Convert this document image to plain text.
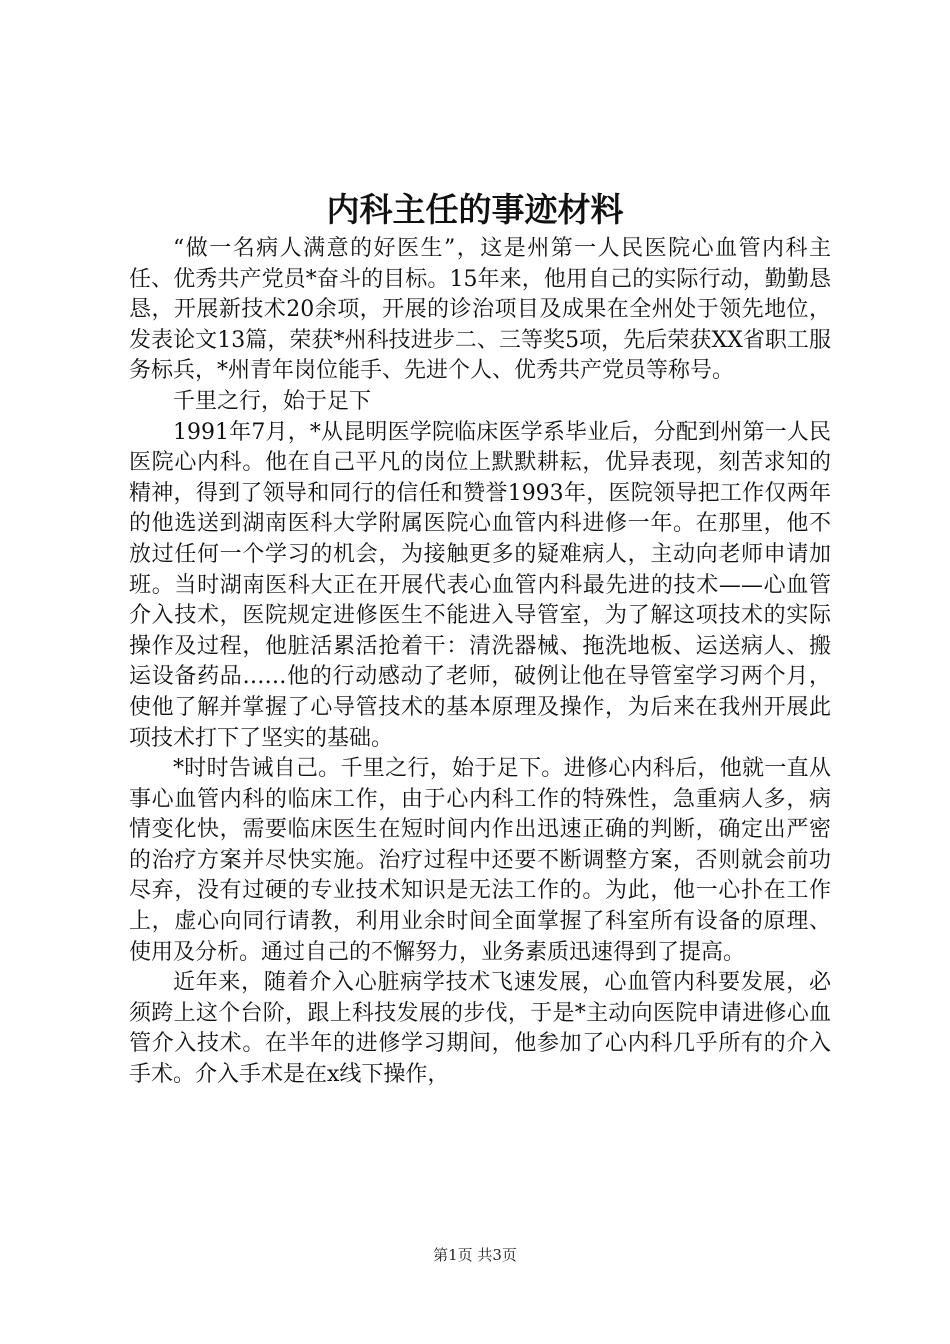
内科主任的事迹材料

“做一名病人满意的好医生”，这是州第一人民医院心血管内科主任、优秀共产党员*奋斗的目标。15年来，他用自己的实际行动，勤勤恳恳，开展新技术20余项，开展的诊治项目及成果在全州处于领先地位，发表论文13篇，荣获*州科技进步二、三等奖5项，先后荣获XX省职工服务标兵，*州青年岗位能手、先进个人、优秀共产党员等称号。

千里之行，始于足下

1991年7月，*从昆明医学院临床医学系毕业后，分配到州第一人民医院心内科。他在自己平凡的岗位上默默耕耘，优异表现，刻苦求知的精神，得到了领导和同行的信任和赞誉1993年，医院领导把工作仅两年的他选送到湖南医科大学附属医院心血管内科进修一年。在那里，他不放过任何一个学习的机会，为接触更多的疑难病人，主动向老师申请加班。当时湖南医科大正在开展代表心血管内科最先进的技术——心血管介入技术，医院规定进修医生不能进入导管室，为了解这项技术的实际操作及过程，他脏活累活抢着干：清洗器械、拖洗地板、运送病人、搬运设备药品……他的行动感动了老师，破例让他在导管室学习两个月，使他了解并掌握了心导管技术的基本原理及操作，为后来在我州开展此项技术打下了坚实的基础。

*时时告诫自己。千里之行，始于足下。进修心内科后，他就一直从事心血管内科的临床工作，由于心内科工作的特殊性，急重病人多，病情变化快，需要临床医生在短时间内作出迅速正确的判断，确定出严密的治疗方案并尽快实施。治疗过程中还要不断调整方案，否则就会前功尽弃，没有过硬的专业技术知识是无法工作的。为此，他一心扑在工作上，虚心向同行请教，利用业余时间全面掌握了科室所有设备的原理、使用及分析。通过自己的不懈努力，业务素质迅速得到了提高。

近年来，随着介入心脏病学技术飞速发展，心血管内科要发展，必须跨上这个台阶，跟上科技发展的步伐，于是*主动向医院申请进修心血管介入技术。在半年的进修学习期间，他参加了心内科几乎所有的介入手术。介入手术是在x线下操作，

第1页 共3页
